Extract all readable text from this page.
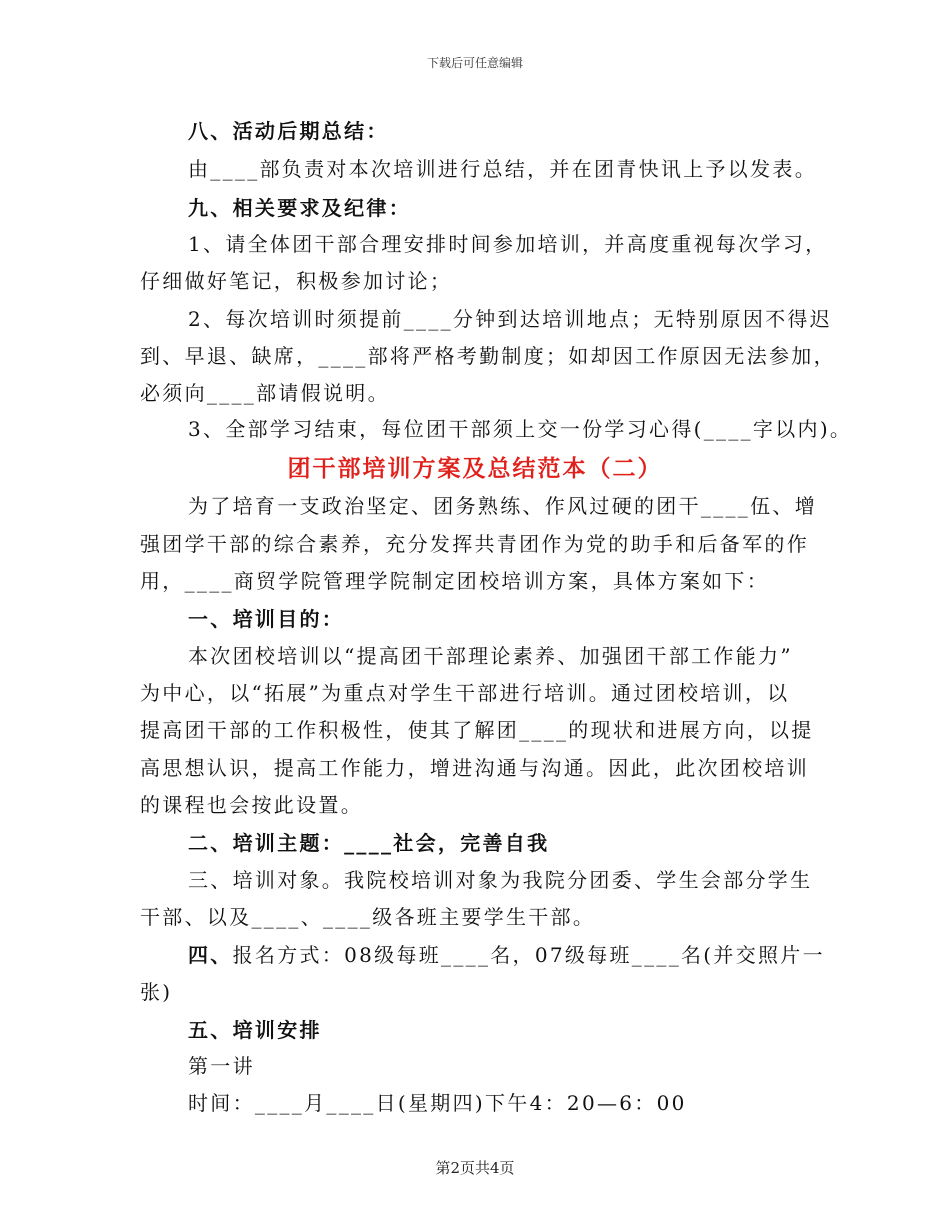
下载后可任意编辑
八、活动后期总结：
由____部负责对本次培训进行总结，并在团青快讯上予以发表。
九、相关要求及纪律：
1、请全体团干部合理安排时间参加培训，并高度重视每次学习，
仔细做好笔记，积极参加讨论；
2、每次培训时须提前____分钟到达培训地点；无特别原因不得迟
到、早退、缺席，____部将严格考勤制度；如却因工作原因无法参加，
必须向____部请假说明。
3、全部学习结束，每位团干部须上交一份学习心得(____字以内)。
团干部培训方案及总结范本（二）
为了培育一支政治坚定、团务熟练、作风过硬的团干____伍、增
强团学干部的综合素养，充分发挥共青团作为党的助手和后备军的作
用，____商贸学院管理学院制定团校培训方案，具体方案如下：
一、培训目的：
本次团校培训以“提高团干部理论素养、加强团干部工作能力”
为中心，以“拓展”为重点对学生干部进行培训。通过团校培训，以
提高团干部的工作积极性，使其了解团____的现状和进展方向，以提
高思想认识，提高工作能力，增进沟通与沟通。因此，此次团校培训
的课程也会按此设置。
二、培训主题：____社会，完善自我
三、培训对象。我院校培训对象为我院分团委、学生会部分学生
干部、以及____、____级各班主要学生干部。
四、报名方式：08级每班____名，07级每班____名(并交照片一
张)
五、培训安排
第一讲
时间：____月____日(星期四)下午4：20—6：00
第2页共4页
